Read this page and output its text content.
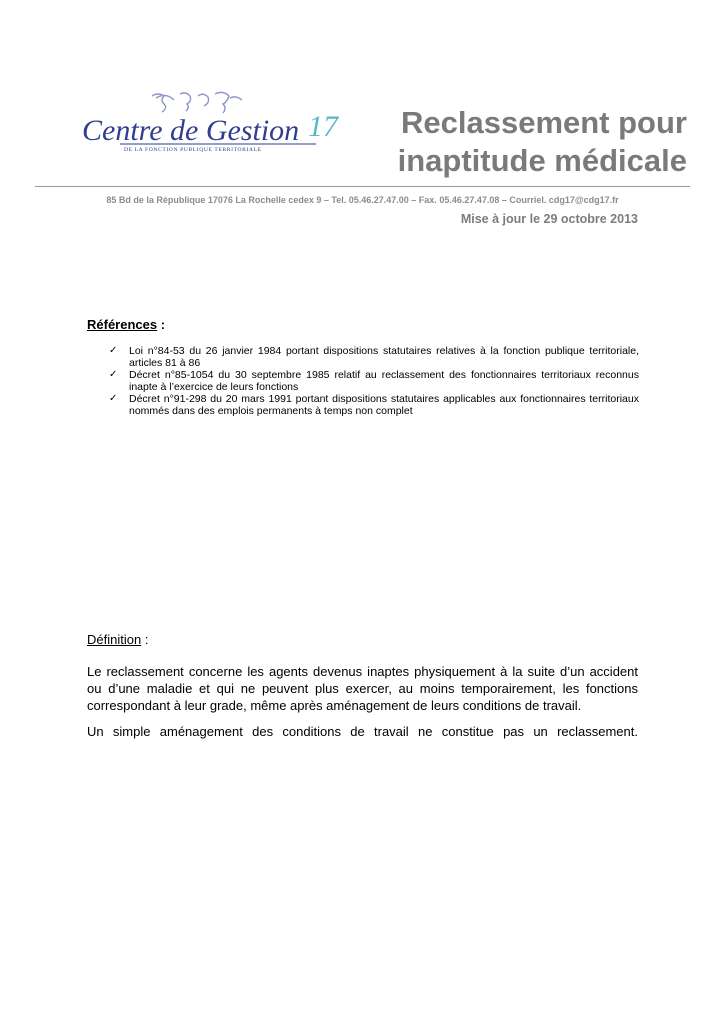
Centre de Gestion 17
DE LA FONCTION PUBLIQUE TERRITORIALE
Reclassement pour
inaptitude médicale
85 Bd de la République 17076 La Rochelle cedex 9 – Tel. 05.46.27.47.00 – Fax. 05.46.27.47.08 – Courriel. cdg17@cdg17.fr
Mise à jour le 29 octobre 2013
Références :
✓ Loi n°84-53 du 26 janvier 1984 portant dispositions statutaires relatives à la fonction publique territoriale, articles 81 à 86
✓ Décret n°85-1054 du 30 septembre 1985 relatif au reclassement des fonctionnaires territoriaux reconnus inapte à l’exercice de leurs fonctions
✓ Décret n°91-298 du 20 mars 1991 portant dispositions statutaires applicables aux fonctionnaires territoriaux nommés dans des emplois permanents à temps non complet
Définition :
Le reclassement concerne les agents devenus inaptes physiquement à la suite d’un accident
ou d’une maladie et qui ne peuvent plus exercer, au moins temporairement, les fonctions
correspondant à leur grade, même après aménagement de leurs conditions de travail.
Un simple aménagement des conditions de travail ne constitue pas un reclassement.
